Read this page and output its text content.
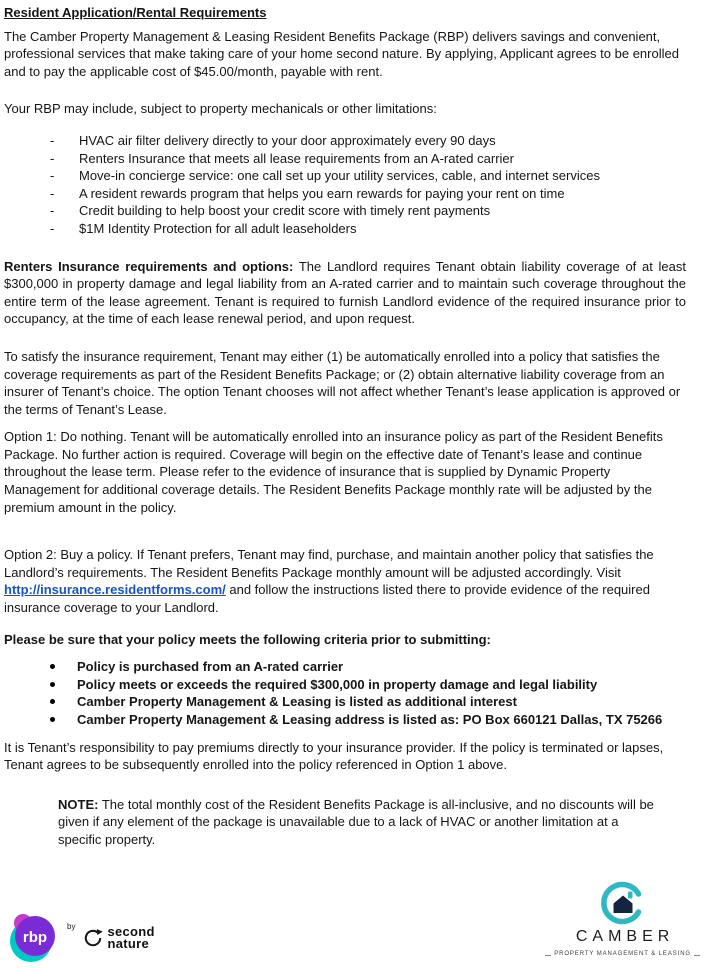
Resident Application/Rental Requirements

The Camber Property Management & Leasing Resident Benefits Package (RBP) delivers savings and convenient, professional services that make taking care of your home second nature. By applying, Applicant agrees to be enrolled and to pay the applicable cost of $45.00/month, payable with rent.

Your RBP may include, subject to property mechanicals or other limitations:

-	HVAC air filter delivery directly to your door approximately every 90 days
-	Renters Insurance that meets all lease requirements from an A-rated carrier
-	Move-in concierge service: one call set up your utility services, cable, and internet services
-	A resident rewards program that helps you earn rewards for paying your rent on time
-	Credit building to help boost your credit score with timely rent payments
-	$1M Identity Protection for all adult leaseholders

Renters Insurance requirements and options: The Landlord requires Tenant obtain liability coverage of at least $300,000 in property damage and legal liability from an A-rated carrier and to maintain such coverage throughout the entire term of the lease agreement. Tenant is required to furnish Landlord evidence of the required insurance prior to occupancy, at the time of each lease renewal period, and upon request.

To satisfy the insurance requirement, Tenant may either (1) be automatically enrolled into a policy that satisfies the coverage requirements as part of the Resident Benefits Package; or (2) obtain alternative liability coverage from an insurer of Tenant’s choice. The option Tenant chooses will not affect whether Tenant’s lease application is approved or the terms of Tenant’s Lease.

Option 1: Do nothing. Tenant will be automatically enrolled into an insurance policy as part of the Resident Benefits Package. No further action is required. Coverage will begin on the effective date of Tenant’s lease and continue throughout the lease term. Please refer to the evidence of insurance that is supplied by Dynamic Property Management for additional coverage details. The Resident Benefits Package monthly rate will be adjusted by the premium amount in the policy.

Option 2: Buy a policy. If Tenant prefers, Tenant may find, purchase, and maintain another policy that satisfies the Landlord’s requirements. The Resident Benefits Package monthly amount will be adjusted accordingly. Visit http://insurance.residentforms.com/ and follow the instructions listed there to provide evidence of the required insurance coverage to your Landlord.

Please be sure that your policy meets the following criteria prior to submitting:

Policy is purchased from an A-rated carrier
Policy meets or exceeds the required $300,000 in property damage and legal liability
Camber Property Management & Leasing is listed as additional interest
Camber Property Management & Leasing address is listed as: PO Box 660121 Dallas, TX 75266

It is Tenant’s responsibility to pay premiums directly to your insurance provider. If the policy is terminated or lapses, Tenant agrees to be subsequently enrolled into the policy referenced in Option 1 above.

NOTE: The total monthly cost of the Resident Benefits Package is all-inclusive, and no discounts will be given if any element of the package is unavailable due to a lack of HVAC or another limitation at a specific property.

rbp
by second
nature	CAMBER
PROPERTY MANAGEMENT & LEASING
